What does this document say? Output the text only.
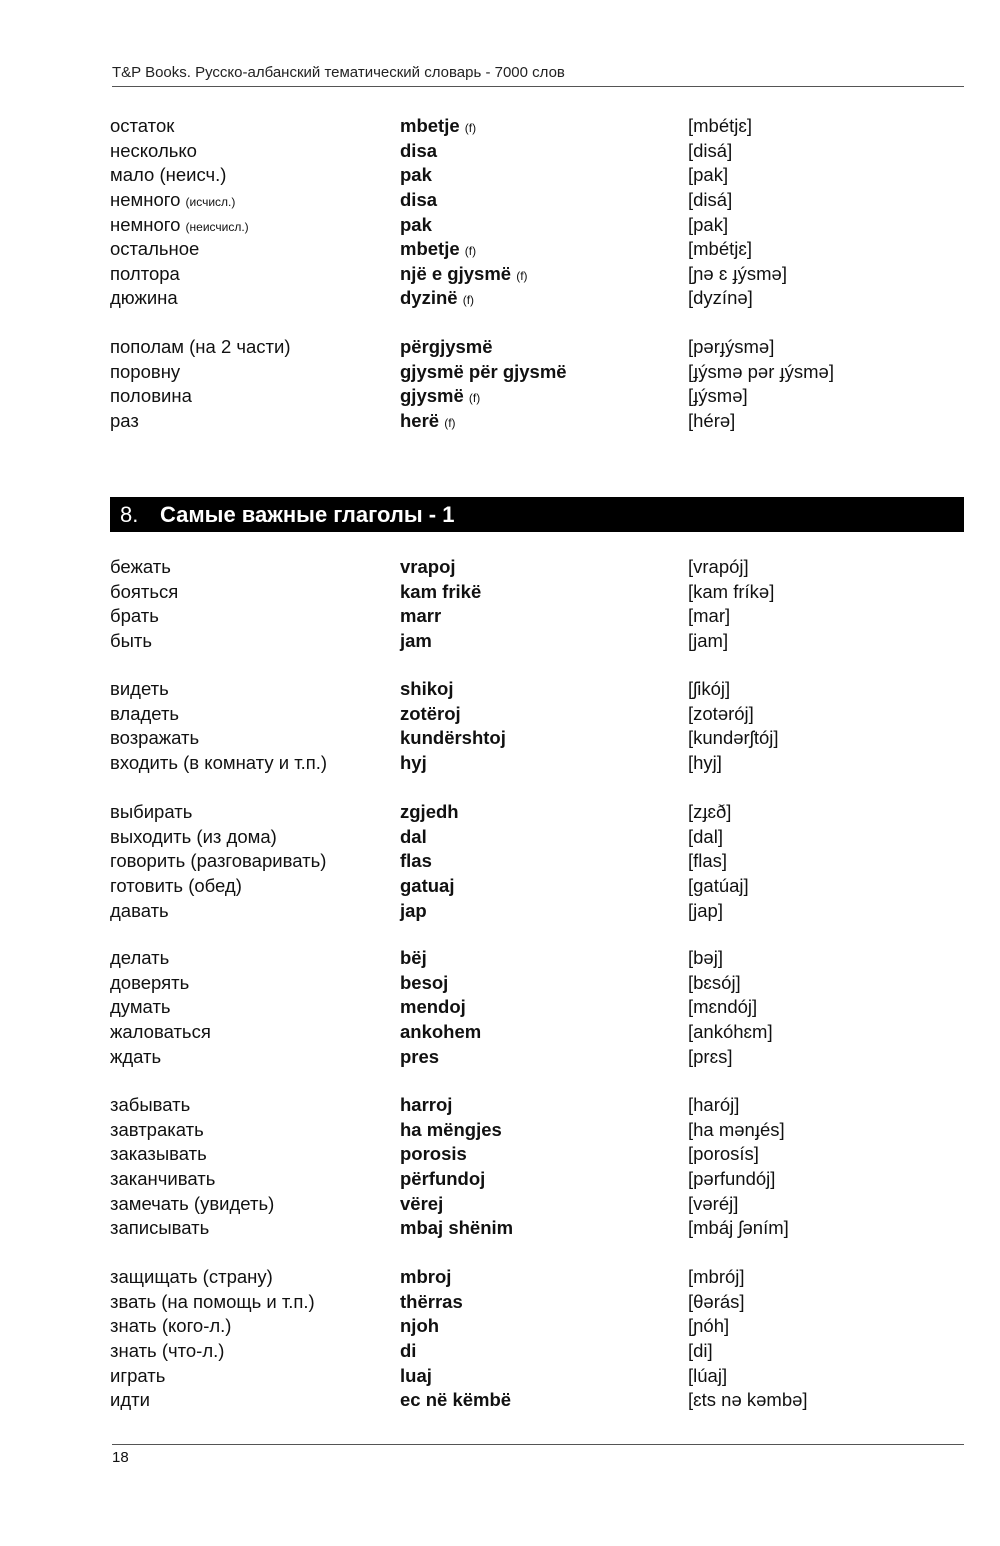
T&P Books. Русско-албанский тематический словарь - 7000 слов
остаток	mbetje (f)	[mbétjɛ]
несколько	disa	[disá]
мало (неисч.)	pak	[pak]
немного (исчисл.)	disa	[disá]
немного (неисчисл.)	pak	[pak]
остальное	mbetje (f)	[mbétjɛ]
полтора	një e gjysmë (f)	[ɲə ɛ ɟýsmə]
дюжина	dyzinë (f)	[dyzínə]
пополам (на 2 части)	përgjysmë	[pərɟýsmə]
поровну	gjysmë për gjysmë	[ɟýsmə pər ɟýsmə]
половина	gjysmë (f)	[ɟýsmə]
раз	herë (f)	[hérə]
8. Самые важные глаголы - 1
бежать	vrapoj	[vrapój]
бояться	kam frikë	[kam fríkə]
брать	marr	[mar]
быть	jam	[jam]
видеть	shikoj	[ʃikój]
владеть	zotëroj	[zotərój]
возражать	kundërshtoj	[kundərʃtój]
входить (в комнату и т.п.)	hyj	[hyj]
выбирать	zgjedh	[zɟɛð]
выходить (из дома)	dal	[dal]
говорить (разговаривать)	flas	[flas]
готовить (обед)	gatuaj	[gatúaj]
давать	jap	[jap]
делать	bëj	[bəj]
доверять	besoj	[bɛsój]
думать	mendoj	[mɛndój]
жаловаться	ankohem	[ankóhɛm]
ждать	pres	[prɛs]
забывать	harroj	[harój]
завтракать	ha mëngjes	[ha mənɟés]
заказывать	porosis	[porosís]
заканчивать	përfundoj	[pərfundój]
замечать (увидеть)	vërej	[vəréj]
записывать	mbaj shënim	[mbáj ʃəním]
защищать (страну)	mbroj	[mbrój]
звать (на помощь и т.п.)	thërras	[θərás]
знать (кого-л.)	njoh	[ɲóh]
знать (что-л.)	di	[di]
играть	luaj	[lúaj]
идти	ec në këmbë	[ɛts nə kəmbə]
18
